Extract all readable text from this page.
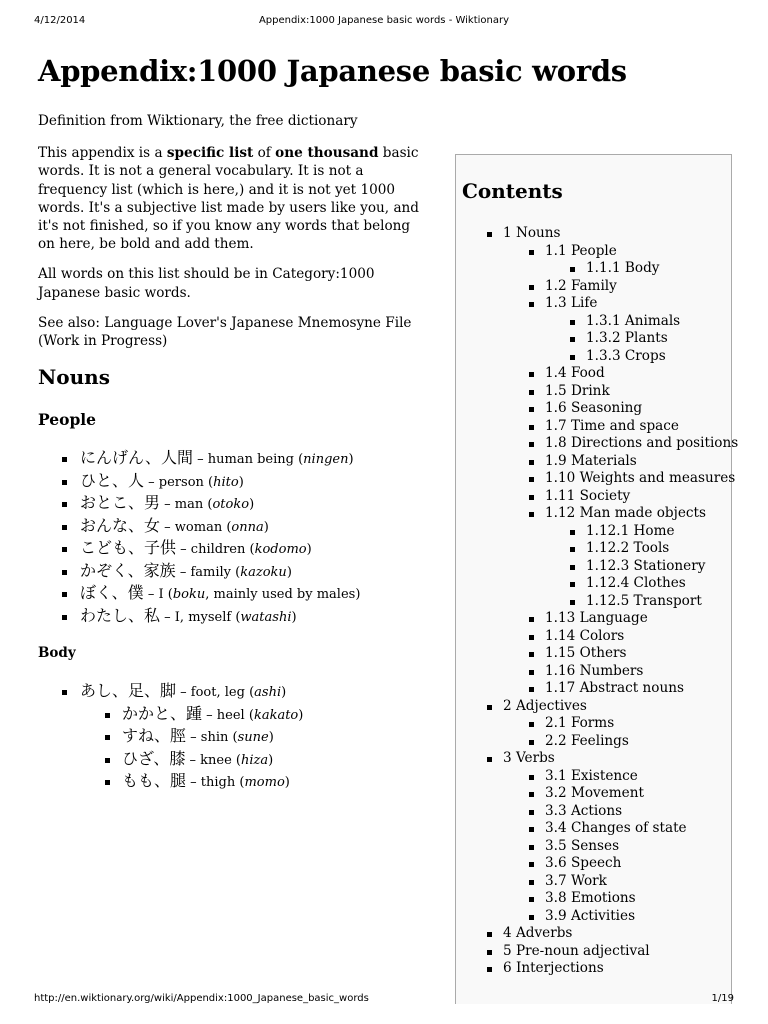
4/12/2014	Appendix:1000 Japanese basic words - Wiktionary
Appendix:1000 Japanese basic words

Definition from Wiktionary, the free dictionary

This appendix is a specific list of one thousand basic words. It is not a general vocabulary. It is not a frequency list (which is here,) and it is not yet 1000 words. It's a subjective list made by users like you, and it's not finished, so if you know any words that belong on here, be bold and add them.

All words on this list should be in Category:1000 Japanese basic words.

See also: Language Lover's Japanese Mnemosyne File (Work in Progress)

Nouns
People
にんげん、人間 – human being (ningen)
ひと、人 – person (hito)
おとこ、男 – man (otoko)
おんな、女 – woman (onna)
こども、子供 – children (kodomo)
かぞく、家族 – family (kazoku)
ぼく、僕 – I (boku, mainly used by males)
わたし、私 – I, myself (watashi)
Body
あし、足、脚 – foot, leg (ashi)
かかと、踵 – heel (kakato)
すね、脛 – shin (sune)
ひざ、膝 – knee (hiza)
もも、腿 – thigh (momo)
Contents
1 Nouns
1.1 People
1.1.1 Body
1.2 Family
1.3 Life
1.3.1 Animals
1.3.2 Plants
1.3.3 Crops
1.4 Food
1.5 Drink
1.6 Seasoning
1.7 Time and space
1.8 Directions and positions
1.9 Materials
1.10 Weights and measures
1.11 Society
1.12 Man made objects
1.12.1 Home
1.12.2 Tools
1.12.3 Stationery
1.12.4 Clothes
1.12.5 Transport
1.13 Language
1.14 Colors
1.15 Others
1.16 Numbers
1.17 Abstract nouns
2 Adjectives
2.1 Forms
2.2 Feelings
3 Verbs
3.1 Existence
3.2 Movement
3.3 Actions
3.4 Changes of state
3.5 Senses
3.6 Speech
3.7 Work
3.8 Emotions
3.9 Activities
4 Adverbs
5 Pre-noun adjectival
6 Interjections
http://en.wiktionary.org/wiki/Appendix:1000_Japanese_basic_words	1/19
